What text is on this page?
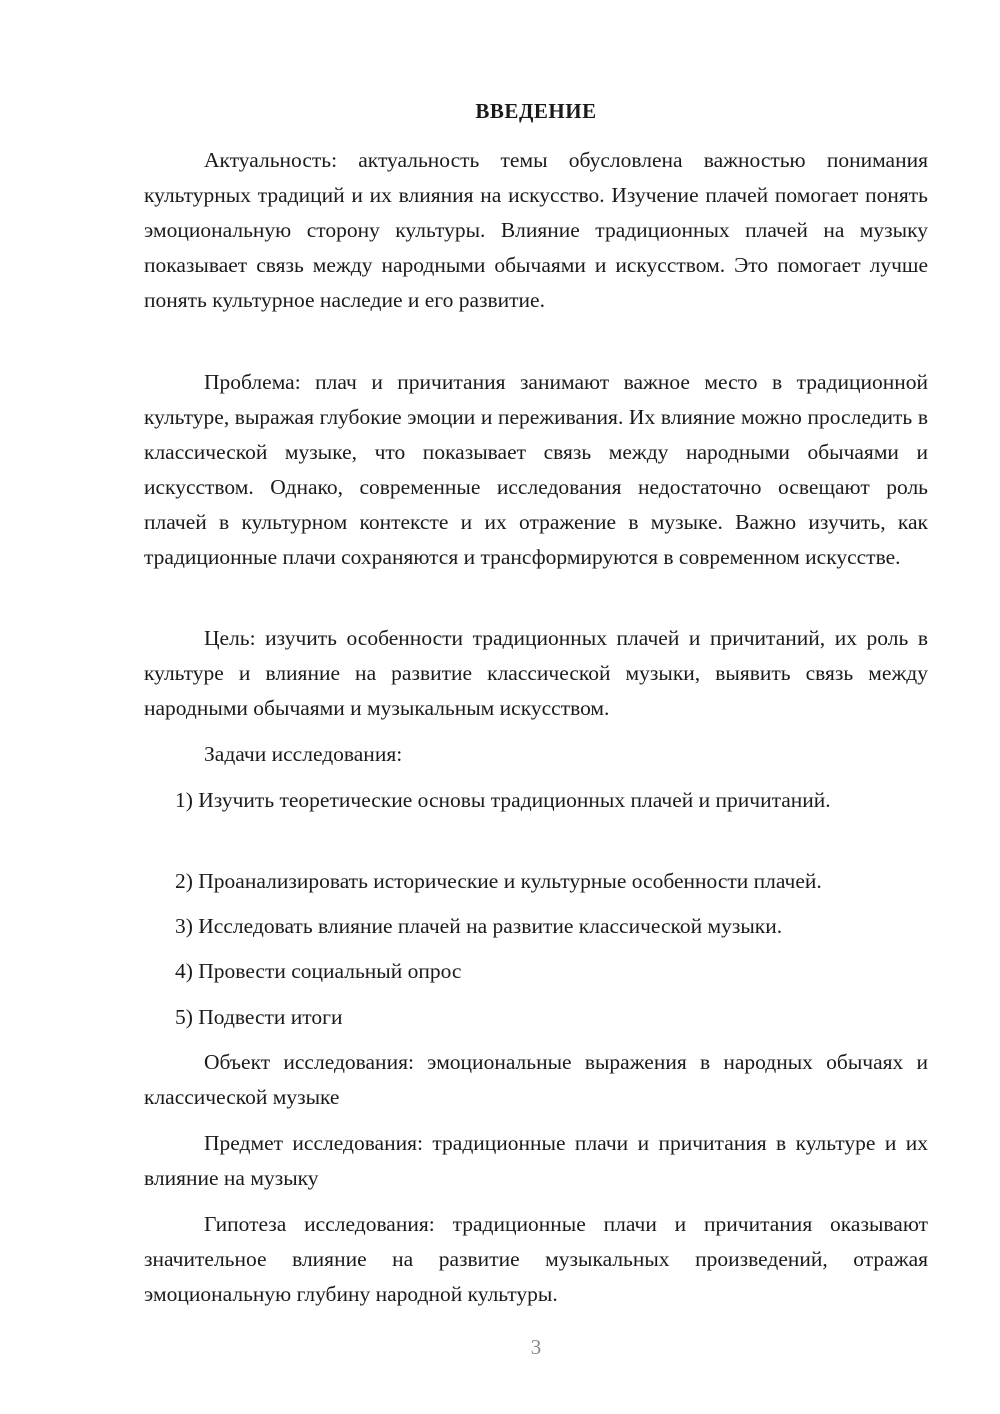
ВВЕДЕНИЕ

Актуальность: актуальность темы обусловлена важностью понимания культурных традиций и их влияния на искусство. Изучение плачей помогает понять эмоциональную сторону культуры. Влияние традиционных плачей на музыку показывает связь между народными обычаями и искусством. Это помогает лучше понять культурное наследие и его развитие.

Проблема: плач и причитания занимают важное место в традиционной культуре, выражая глубокие эмоции и переживания. Их влияние можно проследить в классической музыке, что показывает связь между народными обычаями и искусством. Однако, современные исследования недостаточно освещают роль плачей в культурном контексте и их отражение в музыке. Важно изучить, как традиционные плачи сохраняются и трансформируются в современном искусстве.

Цель: изучить особенности традиционных плачей и причитаний, их роль в культуре и влияние на развитие классической музыки, выявить связь между народными обычаями и музыкальным искусством.

Задачи исследования:

1) Изучить теоретические основы традиционных плачей и причитаний.

2) Проанализировать исторические и культурные особенности плачей.

3) Исследовать влияние плачей на развитие классической музыки.

4) Провести социальный опрос

5) Подвести итоги

Объект исследования: эмоциональные выражения в народных обычаях и классической музыке

Предмет исследования: традиционные плачи и причитания в культуре и их влияние на музыку

Гипотеза исследования: традиционные плачи и причитания оказывают значительное влияние на развитие музыкальных произведений, отражая эмоциональную глубину народной культуры.

3
